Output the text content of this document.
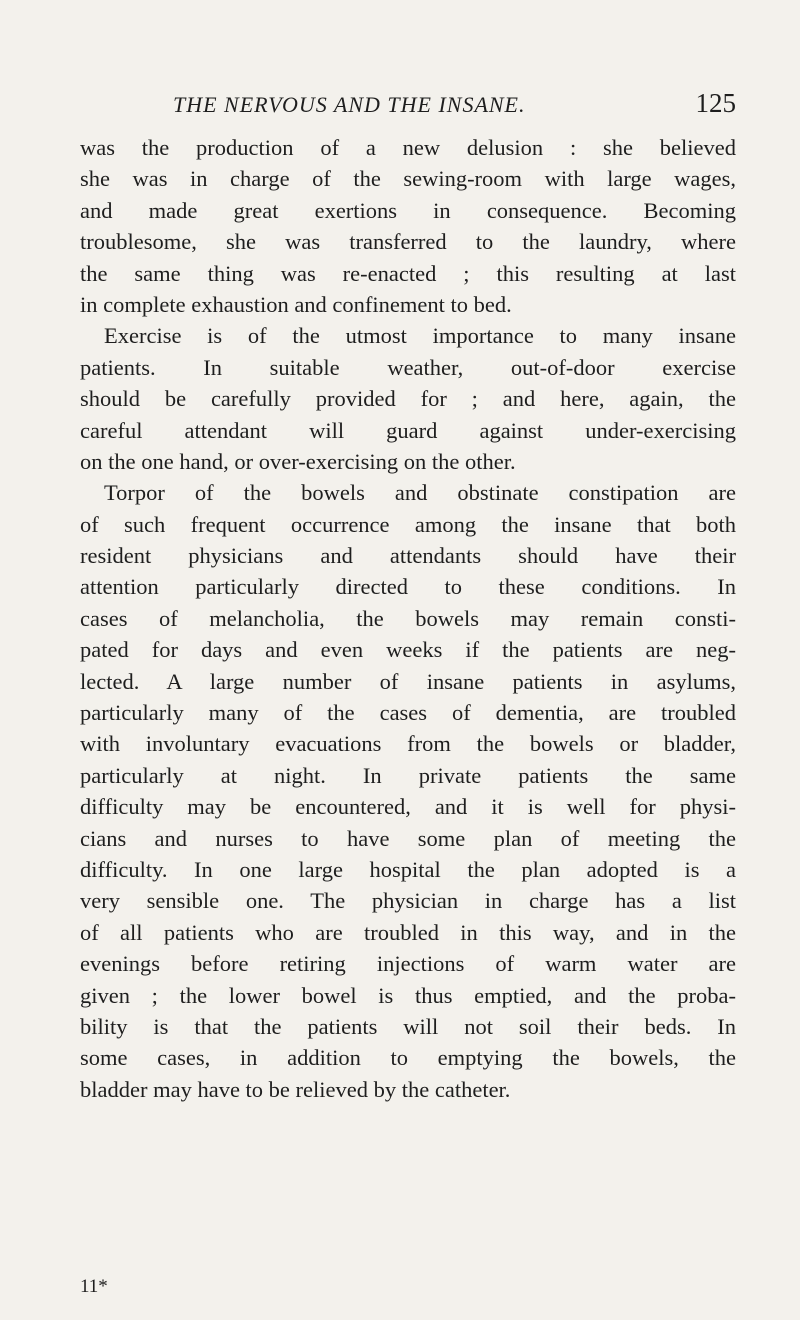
THE NERVOUS AND THE INSANE.	125
was the production of a new delusion : she believed
she was in charge of the sewing-room with large wages,
and made great exertions in consequence. Becoming
troublesome, she was transferred to the laundry, where
the same thing was re-enacted ; this resulting at last
in complete exhaustion and confinement to bed.
Exercise is of the utmost importance to many insane
patients. In suitable weather, out-of-door exercise
should be carefully provided for ; and here, again, the
careful attendant will guard against under-exercising
on the one hand, or over-exercising on the other.
Torpor of the bowels and obstinate constipation are
of such frequent occurrence among the insane that both
resident physicians and attendants should have their
attention particularly directed to these conditions. In
cases of melancholia, the bowels may remain consti-
pated for days and even weeks if the patients are neg-
lected. A large number of insane patients in asylums,
particularly many of the cases of dementia, are troubled
with involuntary evacuations from the bowels or bladder,
particularly at night. In private patients the same
difficulty may be encountered, and it is well for physi-
cians and nurses to have some plan of meeting the
difficulty. In one large hospital the plan adopted is a
very sensible one. The physician in charge has a list
of all patients who are troubled in this way, and in the
evenings before retiring injections of warm water are
given ; the lower bowel is thus emptied, and the proba-
bility is that the patients will not soil their beds. In
some cases, in addition to emptying the bowels, the
bladder may have to be relieved by the catheter.
11*
